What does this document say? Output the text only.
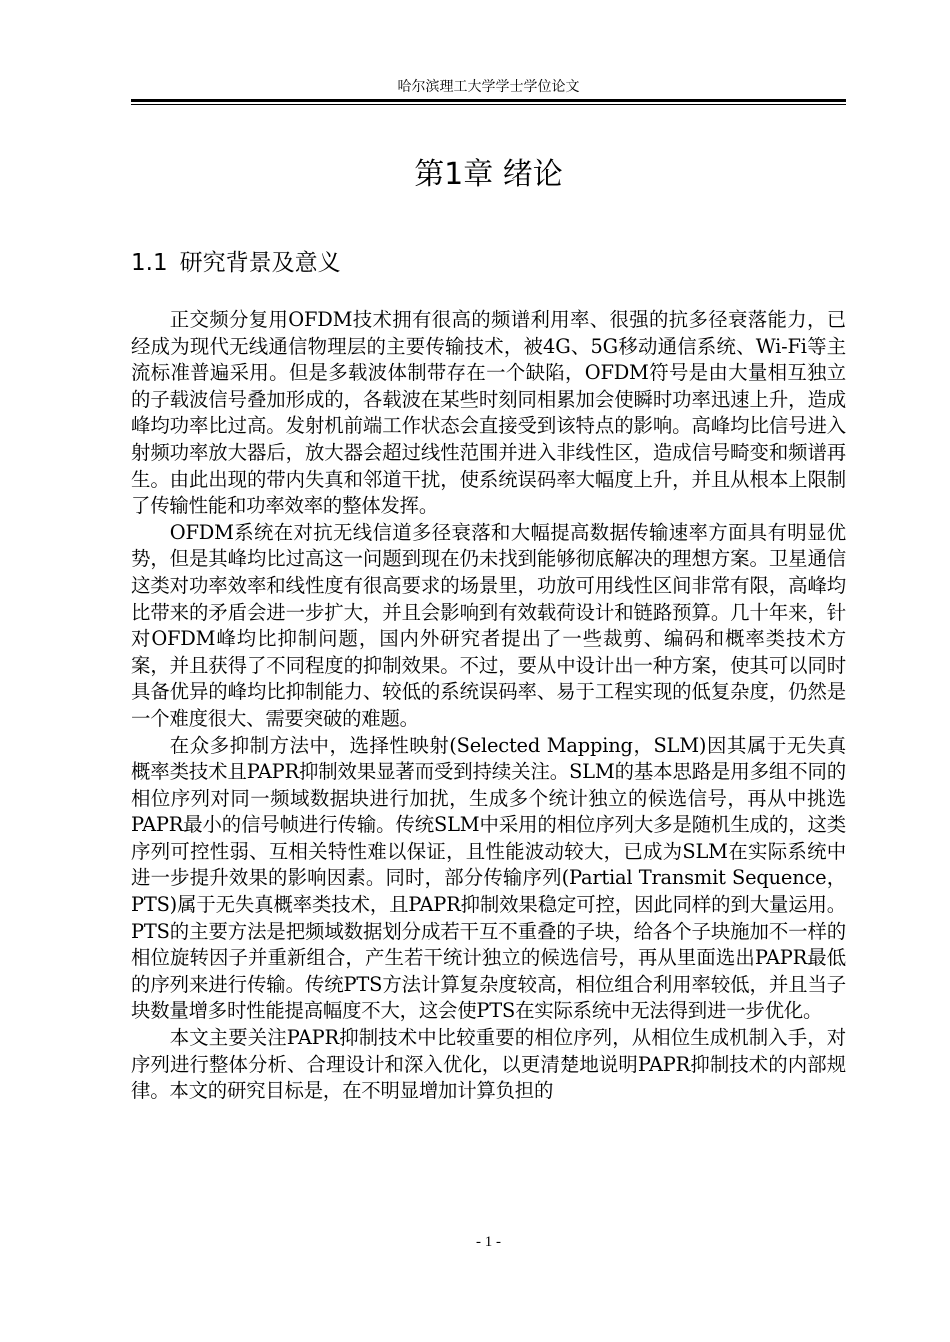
哈尔滨理工大学学士学位论文
第1章 绪论
1.1 研究背景及意义

正交频分复用OFDM技术拥有很高的频谱利用率、很强的抗多径衰落能力，已经成为现代无线通信物理层的主要传输技术，被4G、5G移动通信系统、Wi-Fi等主流标准普遍采用。但是多载波体制带存在一个缺陷，OFDM符号是由大量相互独立的子载波信号叠加形成的，各载波在某些时刻同相累加会使瞬时功率迅速上升，造成峰均功率比过高。发射机前端工作状态会直接受到该特点的影响。高峰均比信号进入射频功率放大器后，放大器会超过线性范围并进入非线性区，造成信号畸变和频谱再生。由此出现的带内失真和邻道干扰，使系统误码率大幅度上升，并且从根本上限制了传输性能和功率效率的整体发挥。

OFDM系统在对抗无线信道多径衰落和大幅提高数据传输速率方面具有明显优势，但是其峰均比过高这一问题到现在仍未找到能够彻底解决的理想方案。卫星通信这类对功率效率和线性度有很高要求的场景里，功放可用线性区间非常有限，高峰均比带来的矛盾会进一步扩大，并且会影响到有效载荷设计和链路预算。几十年来，针对OFDM峰均比抑制问题，国内外研究者提出了一些裁剪、编码和概率类技术方案，并且获得了不同程度的抑制效果。不过，要从中设计出一种方案，使其可以同时具备优异的峰均比抑制能力、较低的系统误码率、易于工程实现的低复杂度，仍然是一个难度很大、需要突破的难题。

在众多抑制方法中，选择性映射(Selected Mapping，SLM)因其属于无失真概率类技术且PAPR抑制效果显著而受到持续关注。SLM的基本思路是用多组不同的相位序列对同一频域数据块进行加扰，生成多个统计独立的候选信号，再从中挑选PAPR最小的信号帧进行传输。传统SLM中采用的相位序列大多是随机生成的，这类序列可控性弱、互相关特性难以保证，且性能波动较大，已成为SLM在实际系统中进一步提升效果的影响因素。同时，部分传输序列(Partial Transmit Sequence，PTS)属于无失真概率类技术，且PAPR抑制效果稳定可控，因此同样的到大量运用。PTS的主要方法是把频域数据划分成若干互不重叠的子块，给各个子块施加不一样的相位旋转因子并重新组合，产生若干统计独立的候选信号，再从里面选出PAPR最低的序列来进行传输。传统PTS方法计算复杂度较高，相位组合利用率较低，并且当子块数量增多时性能提高幅度不大，这会使PTS在实际系统中无法得到进一步优化。

本文主要关注PAPR抑制技术中比较重要的相位序列，从相位生成机制入手，对序列进行整体分析、合理设计和深入优化，以更清楚地说明PAPR抑制技术的内部规律。本文的研究目标是，在不明显增加计算负担的

- 1 -
